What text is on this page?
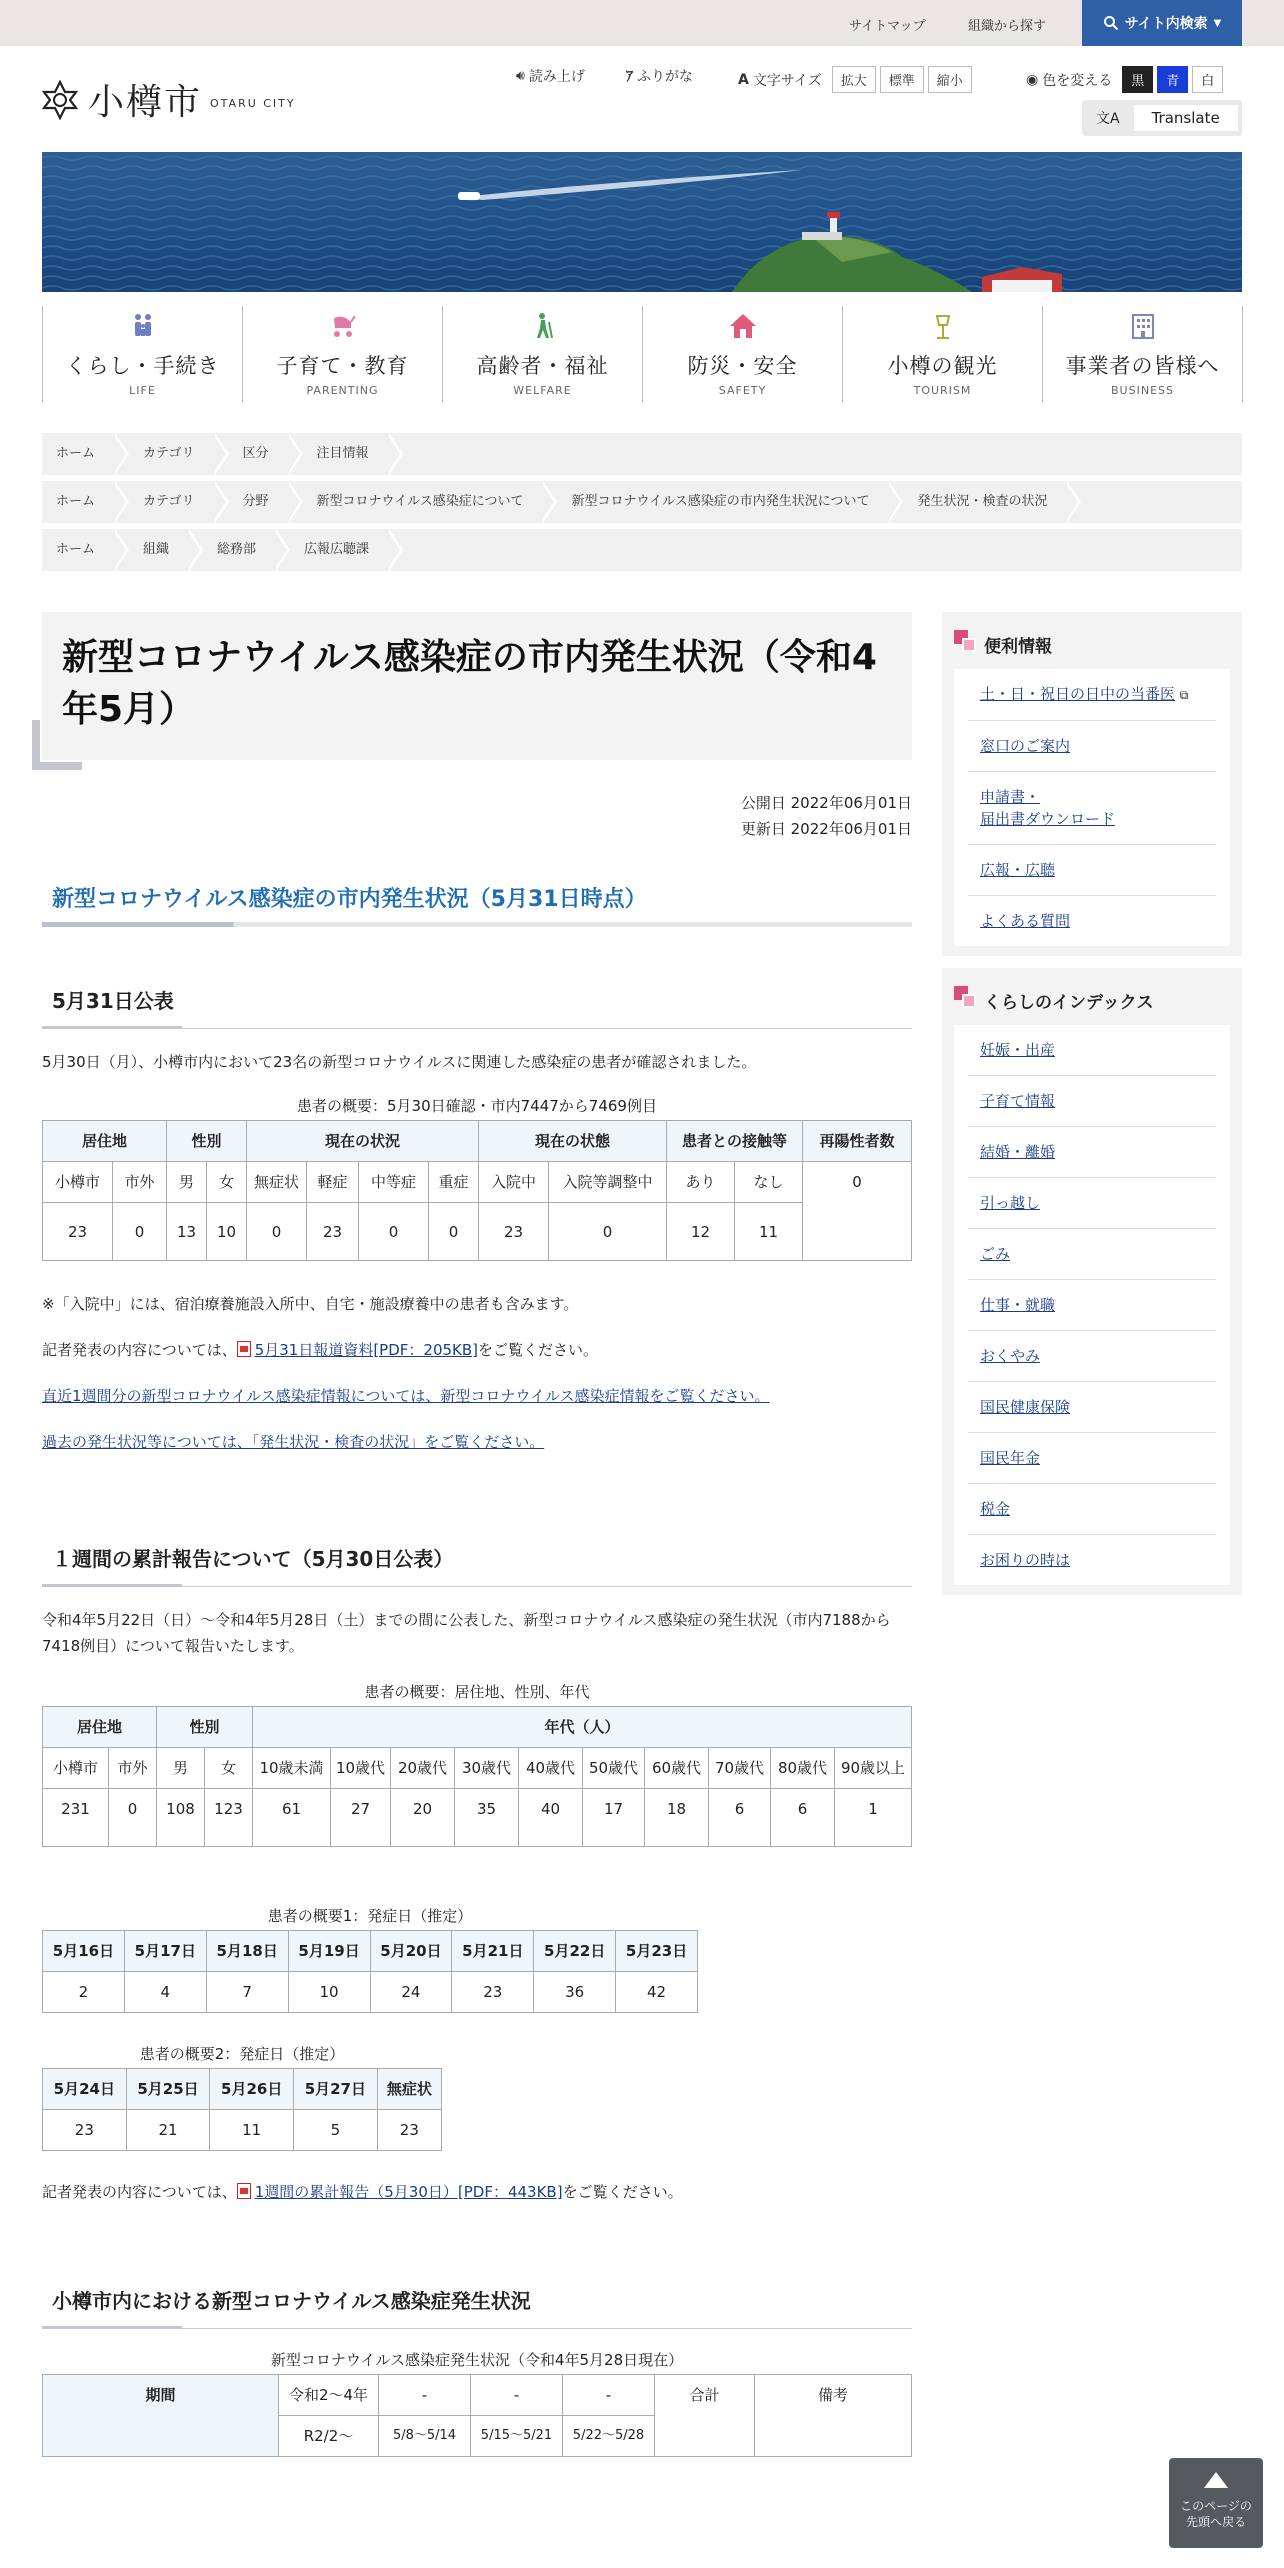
サイトマップ	組織から探す	サイト内検索 ▼
小樽市 OTARU CITY
🔊︎ 読み上げ	ｱ ふりがな	A 文字サイズ	拡大	標準	縮小	◉ 色を変える	黒	青	白
文A	Translate
くらし・手続き
LIFE
子育て・教育
PARENTING
高齢者・福祉
WELFARE
防災・安全
SAFETY
小樽の観光
TOURISM
事業者の皆様へ
BUSINESS
ホーム	カテゴリ	区分	注目情報
ホーム	カテゴリ	分野	新型コロナウイルス感染症について	新型コロナウイルス感染症の市内発生状況について	発生状況・検査の状況
ホーム	組織	総務部	広報広聴課
新型コロナウイルス感染症の市内発生状況（令和4年5月）
公開日 2022年06月01日
更新日 2022年06月01日
新型コロナウイルス感染症の市内発生状況（5月31日時点）
5月31日公表

5月30日（月）、小樽市内において23名の新型コロナウイルスに関連した感染症の患者が確認されました。

患者の概要：5月30日確認・市内7447から7469例目
居住地		性別		現在の状況				現在の状態		患者との接触等		再陽性者数
小樽市	市外	男	女	無症状	軽症	中等症	重症	入院中	入院等調整中	あり	なし	0
23	0	13	10	0	23	0	0	23	0	12	11	

※「入院中」には、宿泊療養施設入所中、自宅・施設療養中の患者も含みます。

記者発表の内容については、 5月31日報道資料[PDF：205KB]をご覧ください。

直近1週間分の新型コロナウイルス感染症情報については、新型コロナウイルス感染症情報をご覧ください。

過去の発生状況等については、「発生状況・検査の状況」をご覧ください。

１週間の累計報告について（5月30日公表）

令和4年5月22日（日）～令和4年5月28日（土）までの間に公表した、新型コロナウイルス感染症の発生状況（市内7188から7418例目）について報告いたします。

患者の概要：居住地、性別、年代
居住地		性別		年代（人）									
小樽市	市外	男	女	10歳未満	10歳代	20歳代	30歳代	40歳代	50歳代	60歳代	70歳代	80歳代	90歳以上
231	0	108	123	61	27	20	35	40	17	18	6	6	1
患者の概要1：発症日（推定）
5月16日	5月17日	5月18日	5月19日	5月20日	5月21日	5月22日	5月23日
2	4	7	10	24	23	36	42
患者の概要2：発症日（推定）
5月24日	5月25日	5月26日	5月27日	無症状
23	21	11	5	23

記者発表の内容については、 1週間の累計報告（5月30日）[PDF：443KB]をご覧ください。

小樽市内における新型コロナウイルス感染症発生状況
新型コロナウイルス感染症発生状況（令和4年5月28日現在）
期間	令和2〜4年	-	-	-	合計	備考
	R2/2〜	5/8〜5/14	5/15〜5/21	5/22〜5/28		
便利情報
土・日・祝日の日中の当番医 ⧉
窓口のご案内
申請書・
届出書ダウンロード
広報・広聴
よくある質問
くらしのインデックス
妊娠・出産
子育て情報
結婚・離婚
引っ越し
ごみ
仕事・就職
おくやみ
国民健康保険
国民年金
税金
お困りの時は
このページの
先頭へ戻る
